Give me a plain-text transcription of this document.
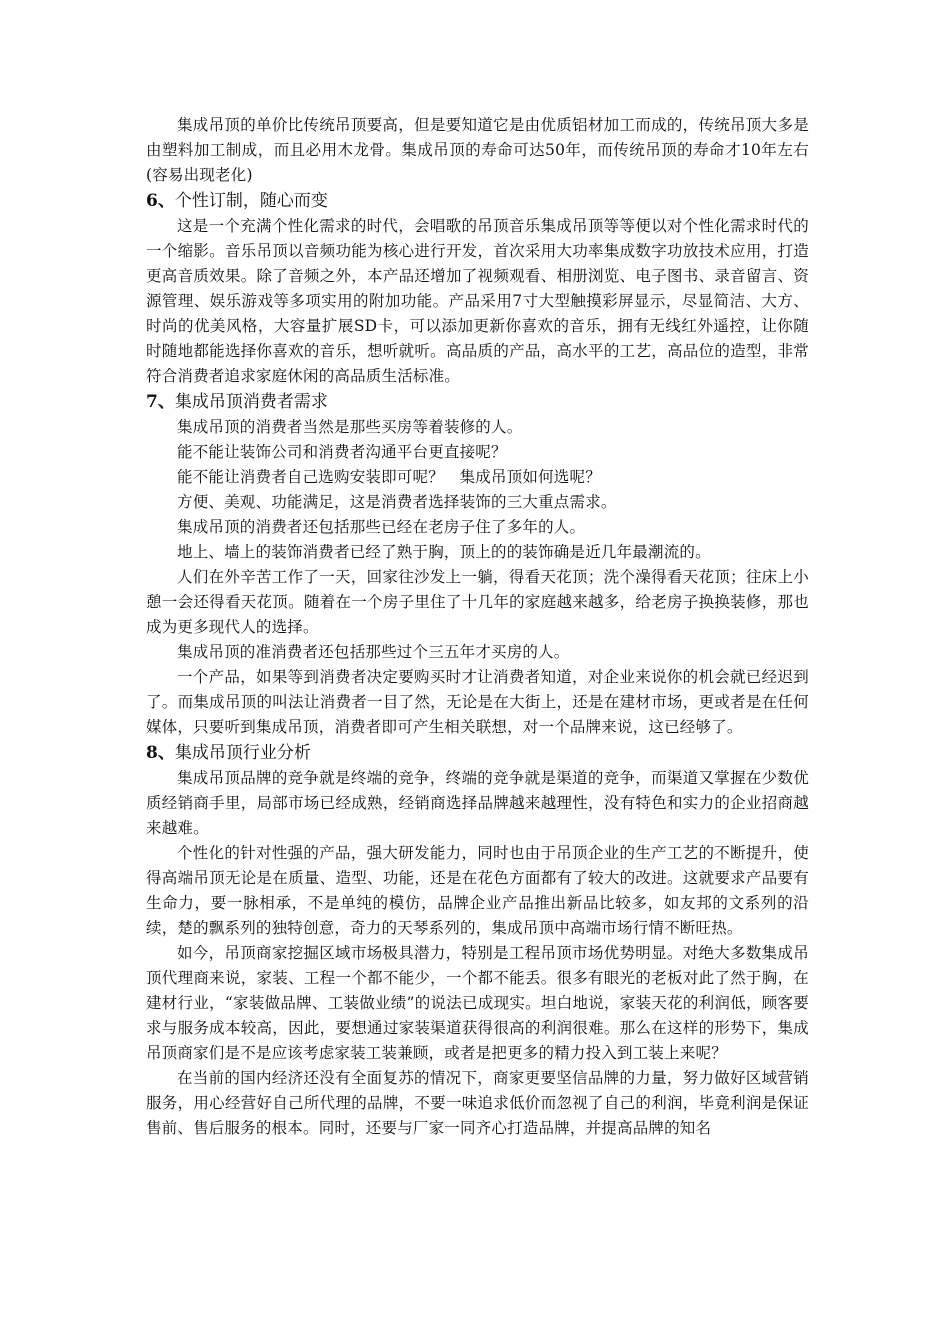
集成吊顶的单价比传统吊顶要高，但是要知道它是由优质铝材加工而成的，传统吊顶大多是由塑料加工制成，而且必用木龙骨。集成吊顶的寿命可达50年，而传统吊顶的寿命才10年左右(容易出现老化)

6、个性订制，随心而变

这是一个充满个性化需求的时代，会唱歌的吊顶音乐集成吊顶等等便以对个性化需求时代的一个缩影。音乐吊顶以音频功能为核心进行开发，首次采用大功率集成数字功放技术应用，打造更高音质效果。除了音频之外，本产品还增加了视频观看、相册浏览、电子图书、录音留言、资源管理、娱乐游戏等多项实用的附加功能。产品采用7寸大型触摸彩屏显示，尽显简洁、大方、时尚的优美风格，大容量扩展SD卡，可以添加更新你喜欢的音乐，拥有无线红外遥控，让你随时随地都能选择你喜欢的音乐，想听就听。高品质的产品，高水平的工艺，高品位的造型，非常符合消费者追求家庭休闲的高品质生活标准。

7、集成吊顶消费者需求

集成吊顶的消费者当然是那些买房等着装修的人。

能不能让装饰公司和消费者沟通平台更直接呢？

能不能让消费者自己选购安装即可呢？　集成吊顶如何选呢？

方便、美观、功能满足，这是消费者选择装饰的三大重点需求。

集成吊顶的消费者还包括那些已经在老房子住了多年的人。

地上、墙上的装饰消费者已经了熟于胸，顶上的的装饰确是近几年最潮流的。

人们在外辛苦工作了一天，回家往沙发上一躺，得看天花顶；洗个澡得看天花顶；往床上小憩一会还得看天花顶。随着在一个房子里住了十几年的家庭越来越多，给老房子换换装修，那也成为更多现代人的选择。

集成吊顶的准消费者还包括那些过个三五年才买房的人。

一个产品，如果等到消费者决定要购买时才让消费者知道，对企业来说你的机会就已经迟到了。而集成吊顶的叫法让消费者一目了然，无论是在大街上，还是在建材市场，更或者是在任何媒体，只要听到集成吊顶，消费者即可产生相关联想，对一个品牌来说，这已经够了。

8、集成吊顶行业分析

集成吊顶品牌的竞争就是终端的竞争，终端的竞争就是渠道的竞争，而渠道又掌握在少数优质经销商手里，局部市场已经成熟，经销商选择品牌越来越理性，没有特色和实力的企业招商越来越难。

个性化的针对性强的产品，强大研发能力，同时也由于吊顶企业的生产工艺的不断提升，使得高端吊顶无论是在质量、造型、功能，还是在花色方面都有了较大的改进。这就要求产品要有生命力，要一脉相承，不是单纯的模仿，品牌企业产品推出新品比较多，如友邦的文系列的沿续，楚的飘系列的独特创意，奇力的天琴系列的，集成吊顶中高端市场行情不断旺热。

如今，吊顶商家挖掘区域市场极具潜力，特别是工程吊顶市场优势明显。对绝大多数集成吊顶代理商来说，家装、工程一个都不能少，一个都不能丢。很多有眼光的老板对此了然于胸，在建材行业，“家装做品牌、工装做业绩”的说法已成现实。坦白地说，家装天花的利润低，顾客要求与服务成本较高，因此，要想通过家装渠道获得很高的利润很难。那么在这样的形势下，集成吊顶商家们是不是应该考虑家装工装兼顾，或者是把更多的精力投入到工装上来呢？

在当前的国内经济还没有全面复苏的情况下，商家更要坚信品牌的力量，努力做好区域营销服务，用心经营好自己所代理的品牌，不要一味追求低价而忽视了自己的利润，毕竟利润是保证售前、售后服务的根本。同时，还要与厂家一同齐心打造品牌，并提高品牌的知名
